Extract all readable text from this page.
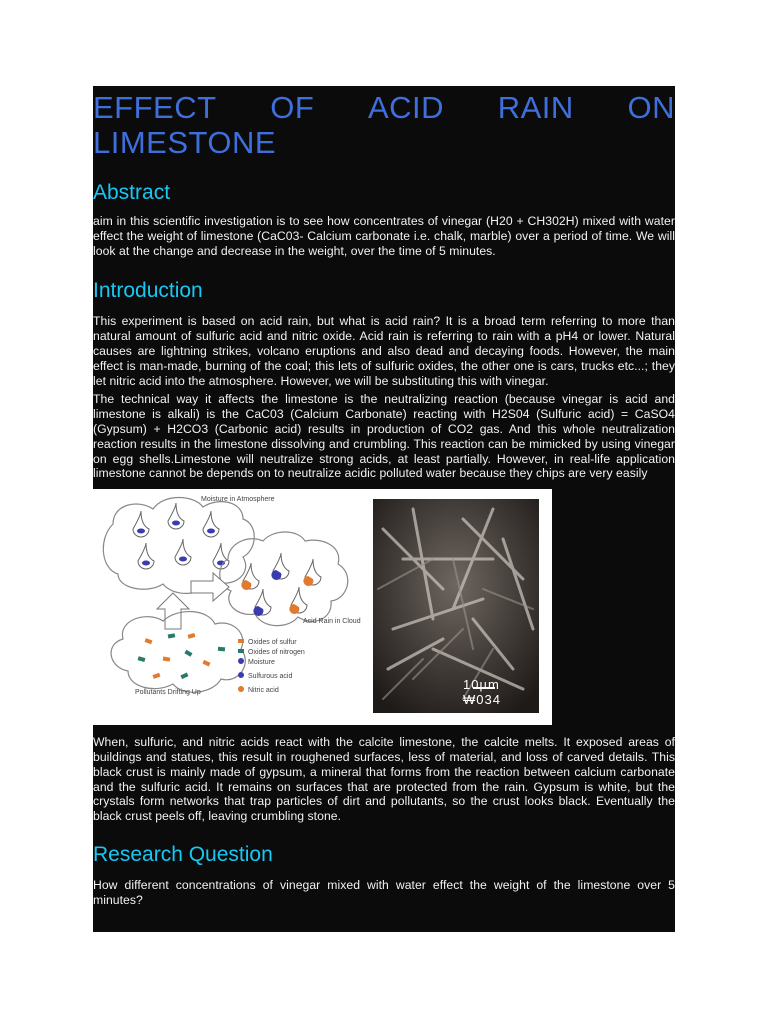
EFFECT OF ACID RAIN ON
LIMESTONE
Abstract

aim in this scientific investigation is to see how concentrates of vinegar (H20 + CH302H) mixed with water effect the weight of limestone (CaC03- Calcium carbonate i.e. chalk, marble) over a period of time. We will look at the change and decrease in the weight, over the time of 5 minutes.

Introduction

This experiment is based on acid rain, but what is acid rain? It is a broad term referring to more than natural amount of sulfuric acid and nitric oxide. Acid rain is referring to rain with a pH4 or lower. Natural causes are lightning strikes, volcano eruptions and also dead and decaying foods. However, the main effect is man-made, burning of the coal; this lets of sulfuric oxides, the other one is cars, trucks etc...; they let nitric acid into the atmosphere. However, we will be substituting this with vinegar.

The technical way it affects the limestone is the neutralizing reaction (because vinegar is acid and limestone is alkali) is the CaC03 (Calcium Carbonate) reacting with H2S04 (Sulfuric acid) = CaSO4 (Gypsum) + H2CO3 (Carbonic acid) results in production of CO2 gas. And this whole neutralization reaction results in the limestone dissolving and crumbling. This reaction can be mimicked by using vinegar on egg shells.Limestone will neutralize strong acids, at least partially. However, in real-life application limestone cannot be depends on to neutralize acidic polluted water because they chips are very easily

Oxides of sulfur
Oxides of nitrogen
Moisture
Sulfurous acid
Nitric acid
Moisture in Atmosphere
Acid Rain in Cloud
Pollutants Drifting Up
10µm ₩034

When, sulfuric, and nitric acids react with the calcite limestone, the calcite melts. It exposed areas of buildings and statues, this result in roughened surfaces, less of material, and loss of carved details. This black crust is mainly made of gypsum, a mineral that forms from the reaction between calcium carbonate and the sulfuric acid. It remains on surfaces that are protected from the rain. Gypsum is white, but the crystals form networks that trap particles of dirt and pollutants, so the crust looks black. Eventually the black crust peels off, leaving crumbling stone.

Research Question

How different concentrations of vinegar mixed with water effect the weight of the limestone over 5 minutes?
